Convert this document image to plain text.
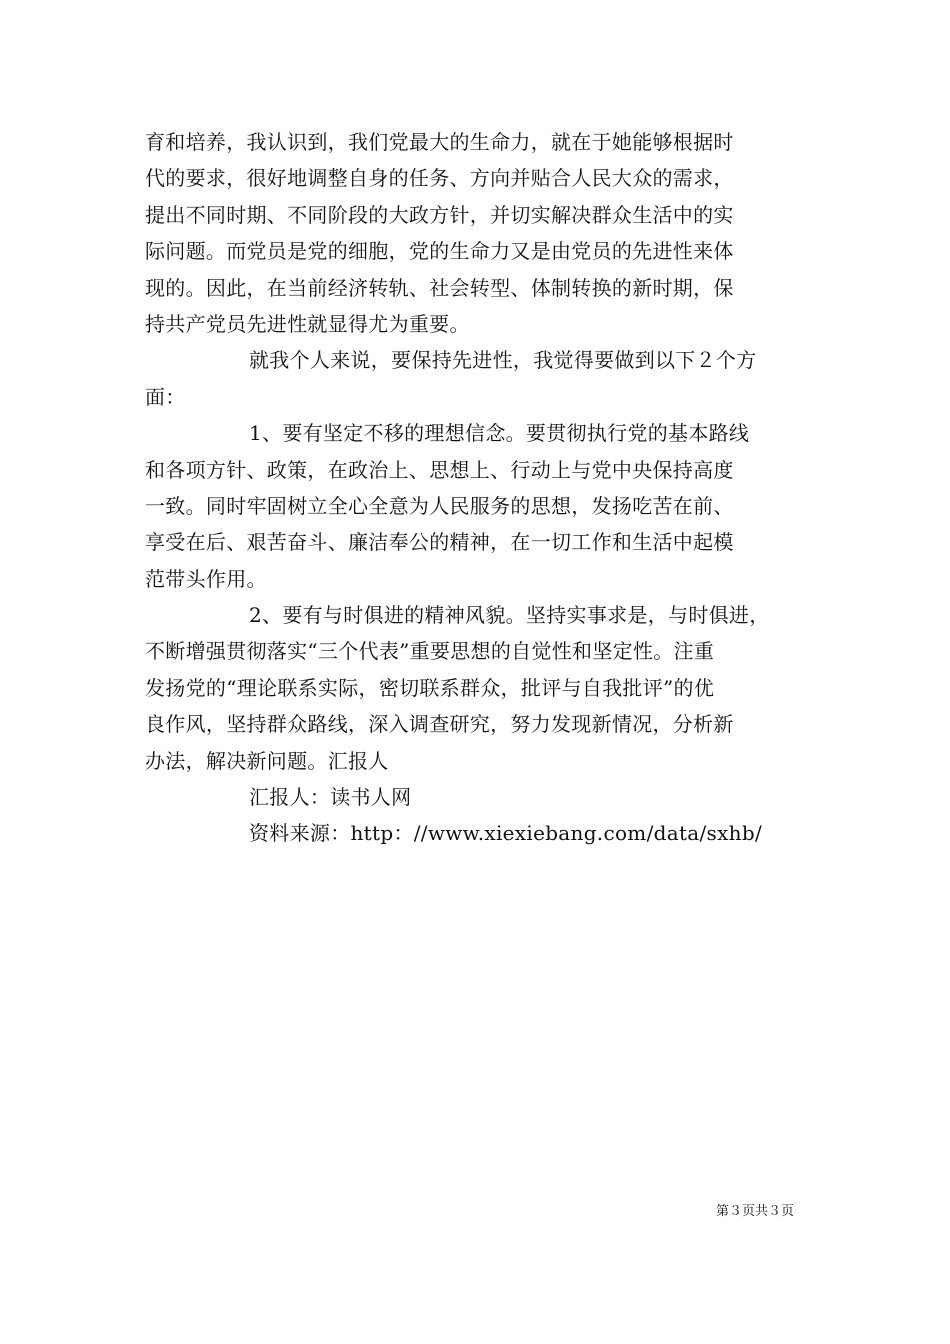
育和培养，我认识到，我们党最大的生命力，就在于她能够根据时
代的要求，很好地调整自身的任务、方向并贴合人民大众的需求，
提出不同时期、不同阶段的大政方针，并切实解决群众生活中的实
际问题。而党员是党的细胞，党的生命力又是由党员的先进性来体
现的。因此，在当前经济转轨、社会转型、体制转换的新时期，保
持共产党员先进性就显得尤为重要。
就我个人来说，要保持先进性，我觉得要做到以下２个方
面：
1、要有坚定不移的理想信念。要贯彻执行党的基本路线
和各项方针、政策，在政治上、思想上、行动上与党中央保持高度
一致。同时牢固树立全心全意为人民服务的思想，发扬吃苦在前、
享受在后、艰苦奋斗、廉洁奉公的精神，在一切工作和生活中起模
范带头作用。
2、要有与时俱进的精神风貌。坚持实事求是，与时俱进，
不断增强贯彻落实“三个代表”重要思想的自觉性和坚定性。注重
发扬党的“理论联系实际，密切联系群众，批评与自我批评”的优
良作风，坚持群众路线，深入调查研究，努力发现新情况，分析新
办法，解决新问题。汇报人
汇报人：读书人网
资料来源：http：//www.xiexiebang.com/data/sxhb/
第３页共３页
